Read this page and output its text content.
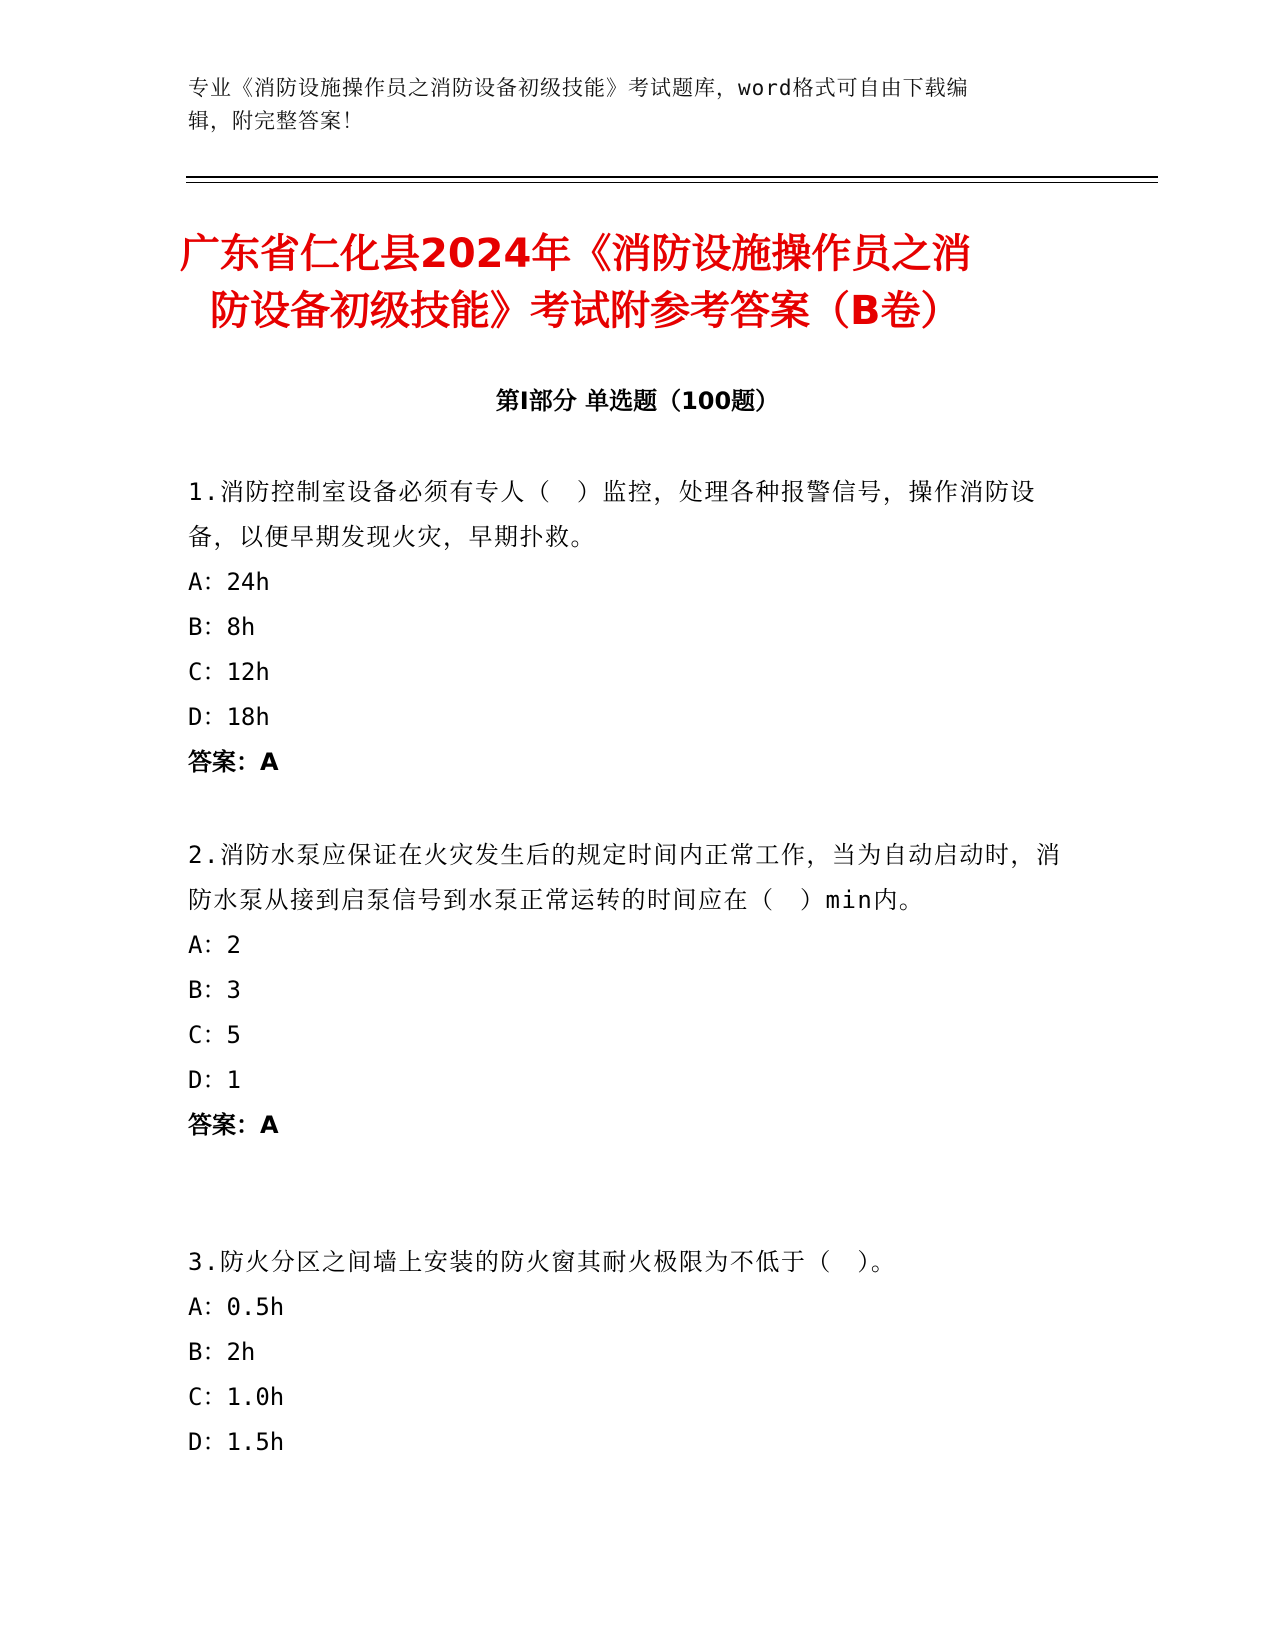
专业《消防设施操作员之消防设备初级技能》考试题库，word格式可自由下载编
辑，附完整答案！
广东省仁化县2024年《消防设施操作员之消
防设备初级技能》考试附参考答案（B卷）
第Ⅰ部分 单选题（100题）

1.消防控制室设备必须有专人（　）监控，处理各种报警信号，操作消防设备，以便早期发现火灾，早期扑救。

A：24h

B：8h

C：12h

D：18h

答案：A

2.消防水泵应保证在火灾发生后的规定时间内正常工作，当为自动启动时，消防水泵从接到启泵信号到水泵正常运转的时间应在（　）min内。

A：2

B：3

C：5

D：1

答案：A

3.防火分区之间墙上安装的防火窗其耐火极限为不低于（　）。

A：0.5h

B：2h

C：1.0h

D：1.5h
